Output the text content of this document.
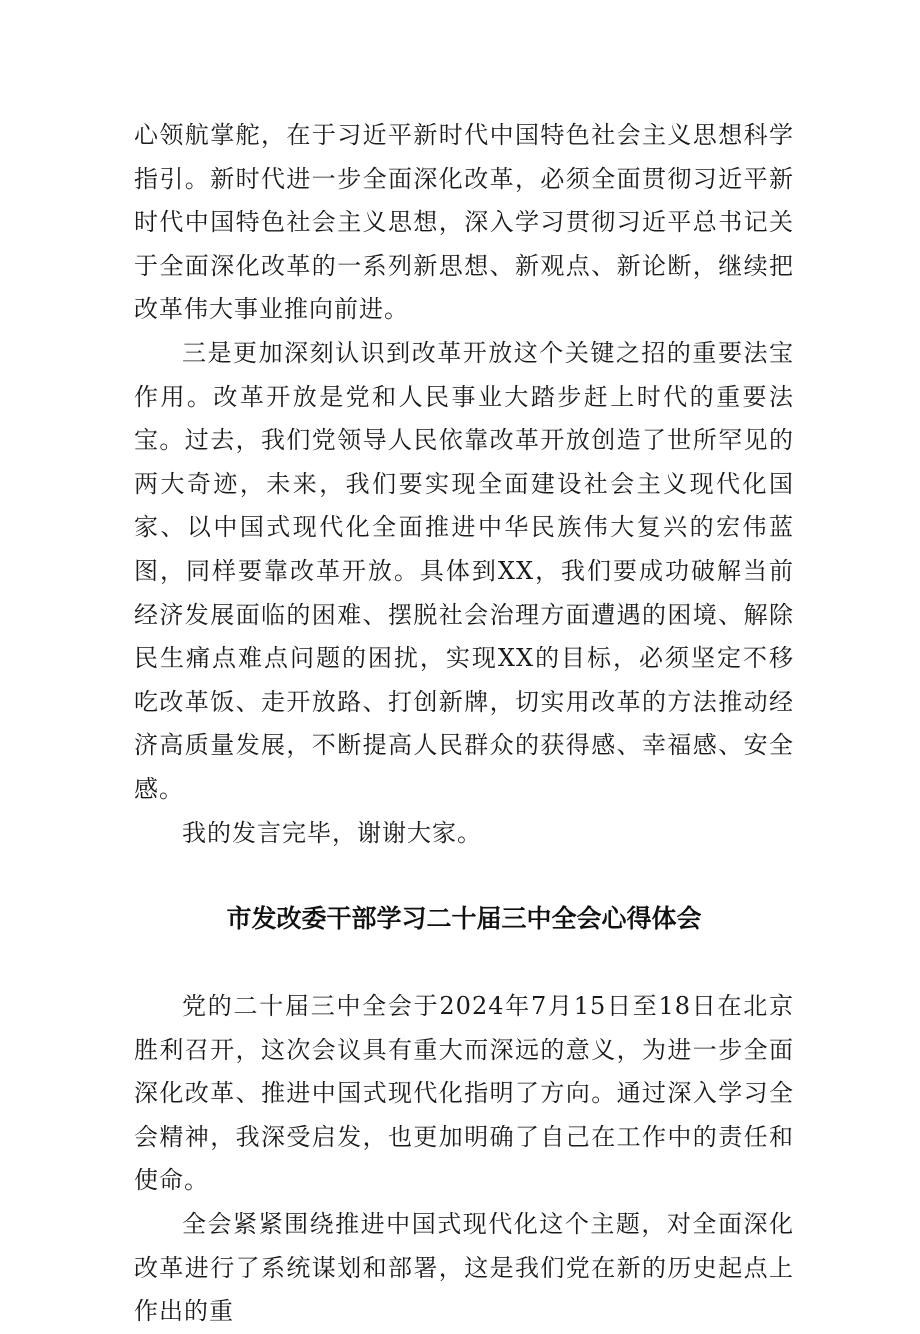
心领航掌舵，在于习近平新时代中国特色社会主义思想科学指引。新时代进一步全面深化改革，必须全面贯彻习近平新时代中国特色社会主义思想，深入学习贯彻习近平总书记关于全面深化改革的一系列新思想、新观点、新论断，继续把改革伟大事业推向前进。

三是更加深刻认识到改革开放这个关键之招的重要法宝作用。改革开放是党和人民事业大踏步赶上时代的重要法宝。过去，我们党领导人民依靠改革开放创造了世所罕见的两大奇迹，未来，我们要实现全面建设社会主义现代化国家、以中国式现代化全面推进中华民族伟大复兴的宏伟蓝图，同样要靠改革开放。具体到XX，我们要成功破解当前经济发展面临的困难、摆脱社会治理方面遭遇的困境、解除民生痛点难点问题的困扰，实现XX的目标，必须坚定不移吃改革饭、走开放路、打创新牌，切实用改革的方法推动经济高质量发展，不断提高人民群众的获得感、幸福感、安全感。

我的发言完毕，谢谢大家。

市发改委干部学习二十届三中全会心得体会

党的二十届三中全会于2024年7月15日至18日在北京胜利召开，这次会议具有重大而深远的意义，为进一步全面深化改革、推进中国式现代化指明了方向。通过深入学习全会精神，我深受启发，也更加明确了自己在工作中的责任和使命。

全会紧紧围绕推进中国式现代化这个主题，对全面深化改革进行了系统谋划和部署，这是我们党在新的历史起点上作出的重
